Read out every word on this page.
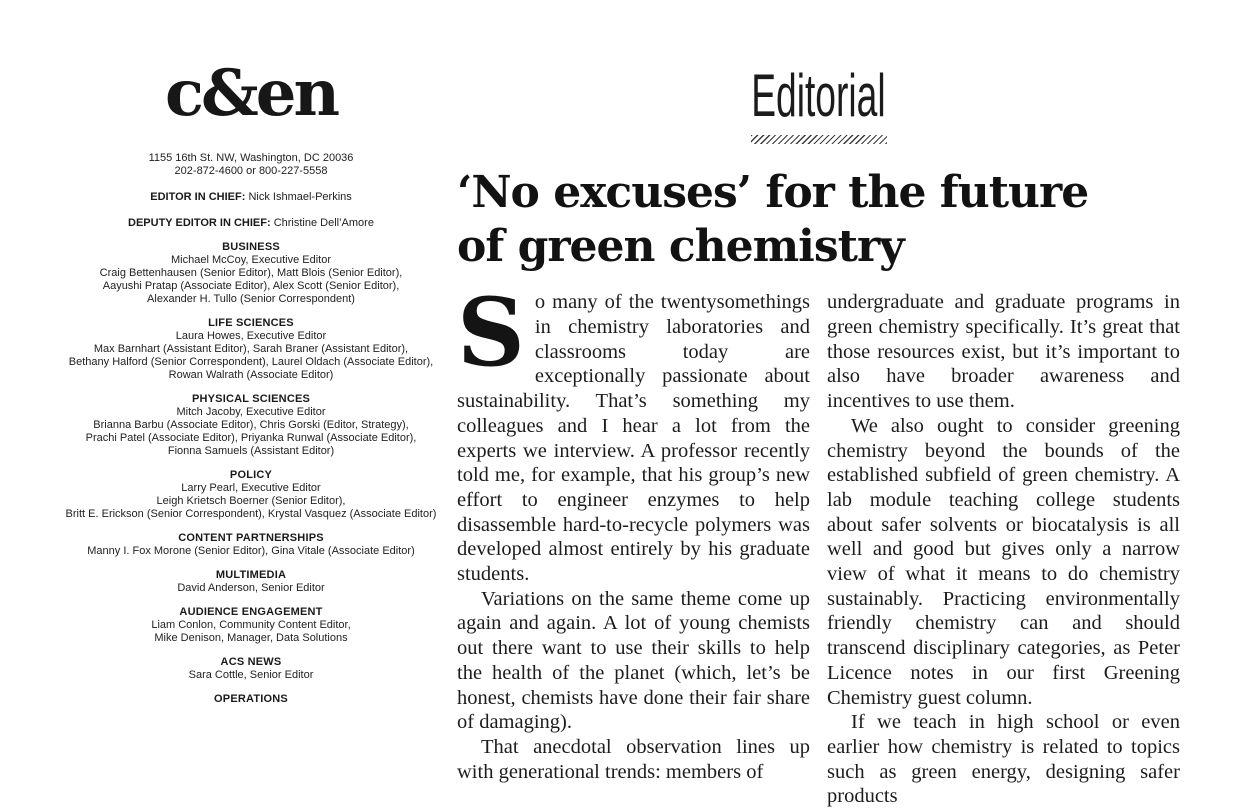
c&en
1155 16th St. NW, Washington, DC 20036
202-872-4600 or 800-227-5558
EDITOR IN CHIEF: Nick Ishmael-Perkins
DEPUTY EDITOR IN CHIEF: Christine Dell’Amore
BUSINESS
Michael McCoy, Executive Editor
Craig Bettenhausen (Senior Editor), Matt Blois (Senior Editor),
Aayushi Pratap (Associate Editor), Alex Scott (Senior Editor),
Alexander H. Tullo (Senior Correspondent)
LIFE SCIENCES
Laura Howes, Executive Editor
Max Barnhart (Assistant Editor), Sarah Braner (Assistant Editor),
Bethany Halford (Senior Correspondent), Laurel Oldach (Associate Editor),
Rowan Walrath (Associate Editor)
PHYSICAL SCIENCES
Mitch Jacoby, Executive Editor
Brianna Barbu (Associate Editor), Chris Gorski (Editor, Strategy),
Prachi Patel (Associate Editor), Priyanka Runwal (Associate Editor),
Fionna Samuels (Assistant Editor)
POLICY
Larry Pearl, Executive Editor
Leigh Krietsch Boerner (Senior Editor),
Britt E. Erickson (Senior Correspondent), Krystal Vasquez (Associate Editor)
CONTENT PARTNERSHIPS
Manny I. Fox Morone (Senior Editor), Gina Vitale (Associate Editor)
MULTIMEDIA
David Anderson, Senior Editor
AUDIENCE ENGAGEMENT
Liam Conlon, Community Content Editor,
Mike Denison, Manager, Data Solutions
ACS NEWS
Sara Cottle, Senior Editor
OPERATIONS
Editorial
‘No excuses’ for the future of green chemistry

So many of the twentysomethings in chemistry laboratories and classrooms today are exceptionally passionate about sustainability. That’s something my colleagues and I hear a lot from the experts we interview. A professor recently told me, for example, that his group’s new effort to engineer enzymes to help disassemble hard-to-recycle polymers was developed almost entirely by his graduate students.

Variations on the same theme come up again and again. A lot of young chemists out there want to use their skills to help the health of the planet (which, let’s be honest, chemists have done their fair share of damaging).

That anecdotal observation lines up with generational trends: members of

undergraduate and graduate programs in green chemistry specifically. It’s great that those resources exist, but it’s important to also have broader awareness and incentives to use them.

We also ought to consider greening chemistry beyond the bounds of the established subfield of green chemistry. A lab module teaching college students about safer solvents or biocatalysis is all well and good but gives only a narrow view of what it means to do chemistry sustainably. Practicing environmentally friendly chemistry can and should transcend disciplinary categories, as Peter Licence notes in our first Greening Chemistry guest column.

If we teach in high school or even earlier how chemistry is related to topics such as green energy, designing safer products
